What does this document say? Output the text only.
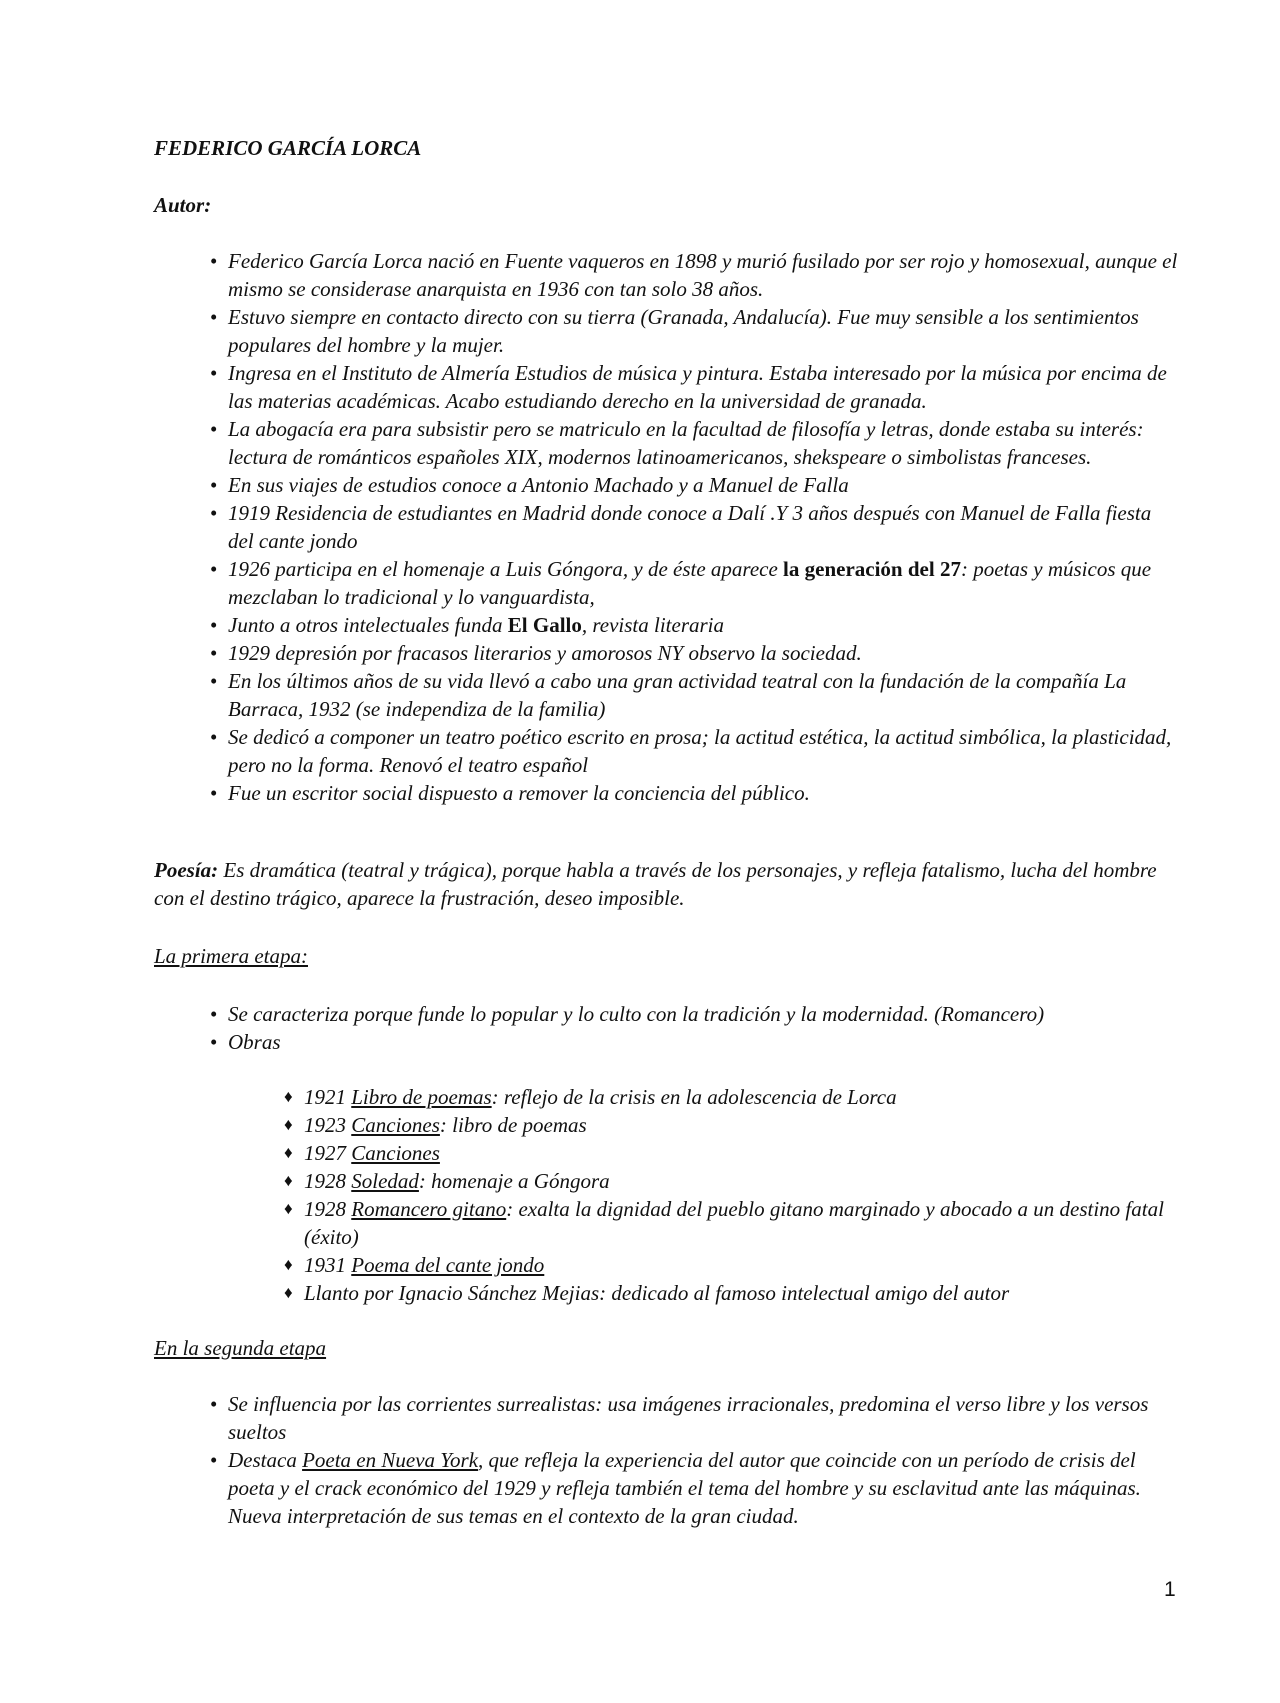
FEDERICO GARCÍA LORCA
Autor:
• Federico García Lorca nació en Fuente vaqueros en 1898 y murió fusilado por ser rojo y homosexual, aunque el mismo se considerase anarquista en 1936 con tan solo 38 años.
• Estuvo siempre en contacto directo con su tierra (Granada, Andalucía). Fue muy sensible a los sentimientos populares del hombre y la mujer.
• Ingresa en el Instituto de Almería Estudios de música y pintura. Estaba interesado por la música por encima de las materias académicas. Acabo estudiando derecho en la universidad de granada.
• La abogacía era para subsistir pero se matriculo en la facultad de filosofía y letras, donde estaba su interés: lectura de románticos españoles XIX, modernos latinoamericanos, shekspeare o simbolistas franceses.
• En sus viajes de estudios conoce a Antonio Machado y a Manuel de Falla
• 1919 Residencia de estudiantes en Madrid donde conoce a Dalí .Y 3 años después con Manuel de Falla fiesta del cante jondo
• 1926 participa en el homenaje a Luis Góngora, y de éste aparece la generación del 27: poetas y músicos que mezclaban lo tradicional y lo vanguardista,
• Junto a otros intelectuales funda El Gallo, revista literaria
• 1929 depresión por fracasos literarios y amorosos NY observo la sociedad.
• En los últimos años de su vida llevó a cabo una gran actividad teatral con la fundación de la compañía La Barraca, 1932 (se independiza de la familia)
• Se dedicó a componer un teatro poético escrito en prosa; la actitud estética, la actitud simbólica, la plasticidad, pero no la forma. Renovó el teatro español
• Fue un escritor social dispuesto a remover la conciencia del público.
Poesía: Es dramática (teatral y trágica), porque habla a través de los personajes, y refleja fatalismo, lucha del hombre con el destino trágico, aparece la frustración, deseo imposible.
La primera etapa:
• Se caracteriza porque funde lo popular y lo culto con la tradición y la modernidad. (Romancero)
• Obras
♦ 1921 Libro de poemas: reflejo de la crisis en la adolescencia de Lorca
♦ 1923 Canciones: libro de poemas
♦ 1927 Canciones
♦ 1928 Soledad: homenaje a Góngora
♦ 1928 Romancero gitano: exalta la dignidad del pueblo gitano marginado y abocado a un destino fatal (éxito)
♦ 1931 Poema del cante jondo
♦ Llanto por Ignacio Sánchez Mejias: dedicado al famoso intelectual amigo del autor
En la segunda etapa
• Se influencia por las corrientes surrealistas: usa imágenes irracionales, predomina el verso libre y los versos sueltos
• Destaca Poeta en Nueva York, que refleja la experiencia del autor que coincide con un período de crisis del poeta y el crack económico del 1929 y refleja también el tema del hombre y su esclavitud ante las máquinas. Nueva interpretación de sus temas en el contexto de la gran ciudad.
1
